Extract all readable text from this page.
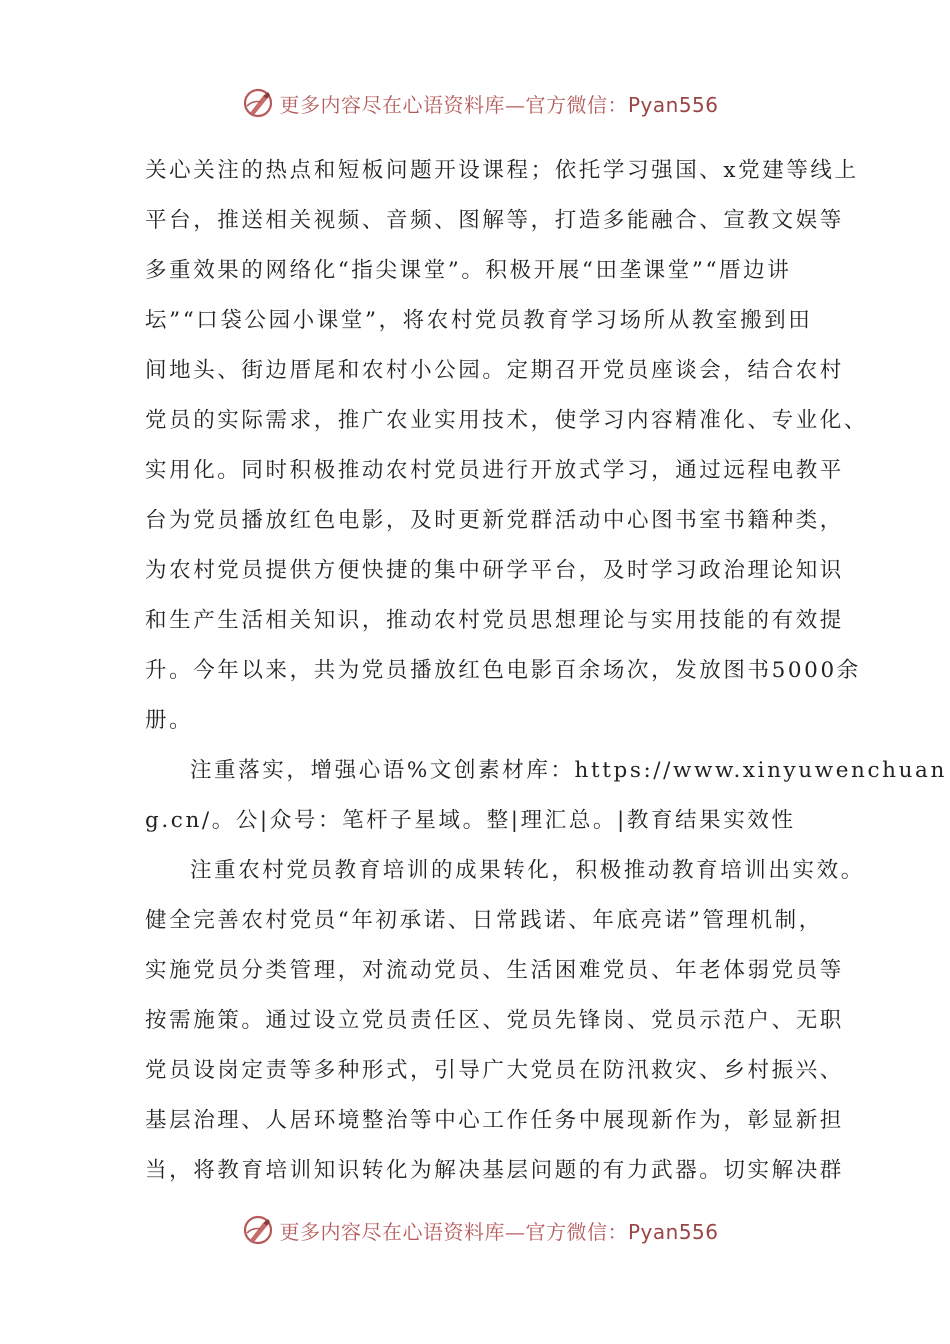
更多内容尽在心语资料库—官方微信：Pyan556
关心关注的热点和短板问题开设课程；依托学习强国、x党建等线上
平台，推送相关视频、音频、图解等，打造多能融合、宣教文娱等
多重效果的网络化“指尖课堂”。积极开展“田垄课堂”“厝边讲
坛”“口袋公园小课堂”，将农村党员教育学习场所从教室搬到田
间地头、街边厝尾和农村小公园。定期召开党员座谈会，结合农村
党员的实际需求，推广农业实用技术，使学习内容精准化、专业化、
实用化。同时积极推动农村党员进行开放式学习，通过远程电教平
台为党员播放红色电影，及时更新党群活动中心图书室书籍种类，
为农村党员提供方便快捷的集中研学平台，及时学习政治理论知识
和生产生活相关知识，推动农村党员思想理论与实用技能的有效提
升。今年以来，共为党员播放红色电影百余场次，发放图书5000余
册。
注重落实，增强心语%文创素材库：https://www.xinyuwenchuan
g.cn/。公|众号：笔杆子星域。整|理汇总。|教育结果实效性
注重农村党员教育培训的成果转化，积极推动教育培训出实效。
健全完善农村党员“年初承诺、日常践诺、年底亮诺”管理机制，
实施党员分类管理，对流动党员、生活困难党员、年老体弱党员等
按需施策。通过设立党员责任区、党员先锋岗、党员示范户、无职
党员设岗定责等多种形式，引导广大党员在防汛救灾、乡村振兴、
基层治理、人居环境整治等中心工作任务中展现新作为，彰显新担
当，将教育培训知识转化为解决基层问题的有力武器。切实解决群
更多内容尽在心语资料库—官方微信：Pyan556
